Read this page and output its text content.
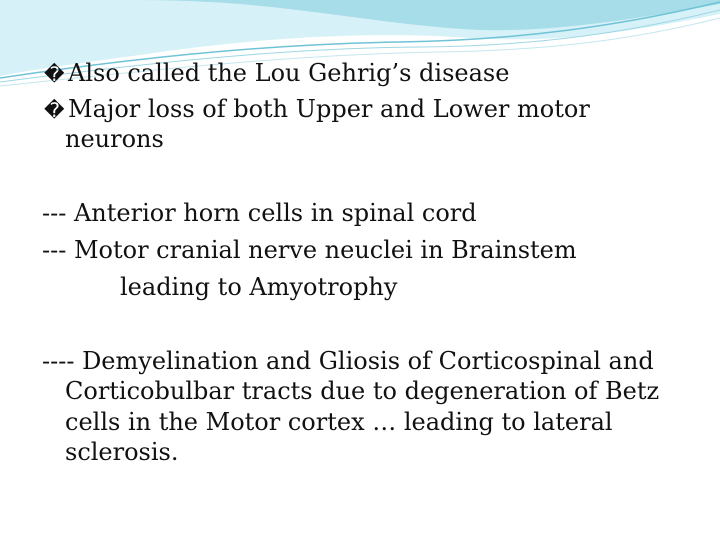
� Also called the Lou Gehrig’s disease
� Major loss of both Upper and Lower motor
neurons
--- Anterior horn cells in spinal cord
--- Motor cranial nerve neuclei in Brainstem
leading to Amyotrophy
---- Demyelination and Gliosis of Corticospinal and
Corticobulbar tracts due to degeneration of Betz
cells in the Motor cortex … leading to lateral
sclerosis.
